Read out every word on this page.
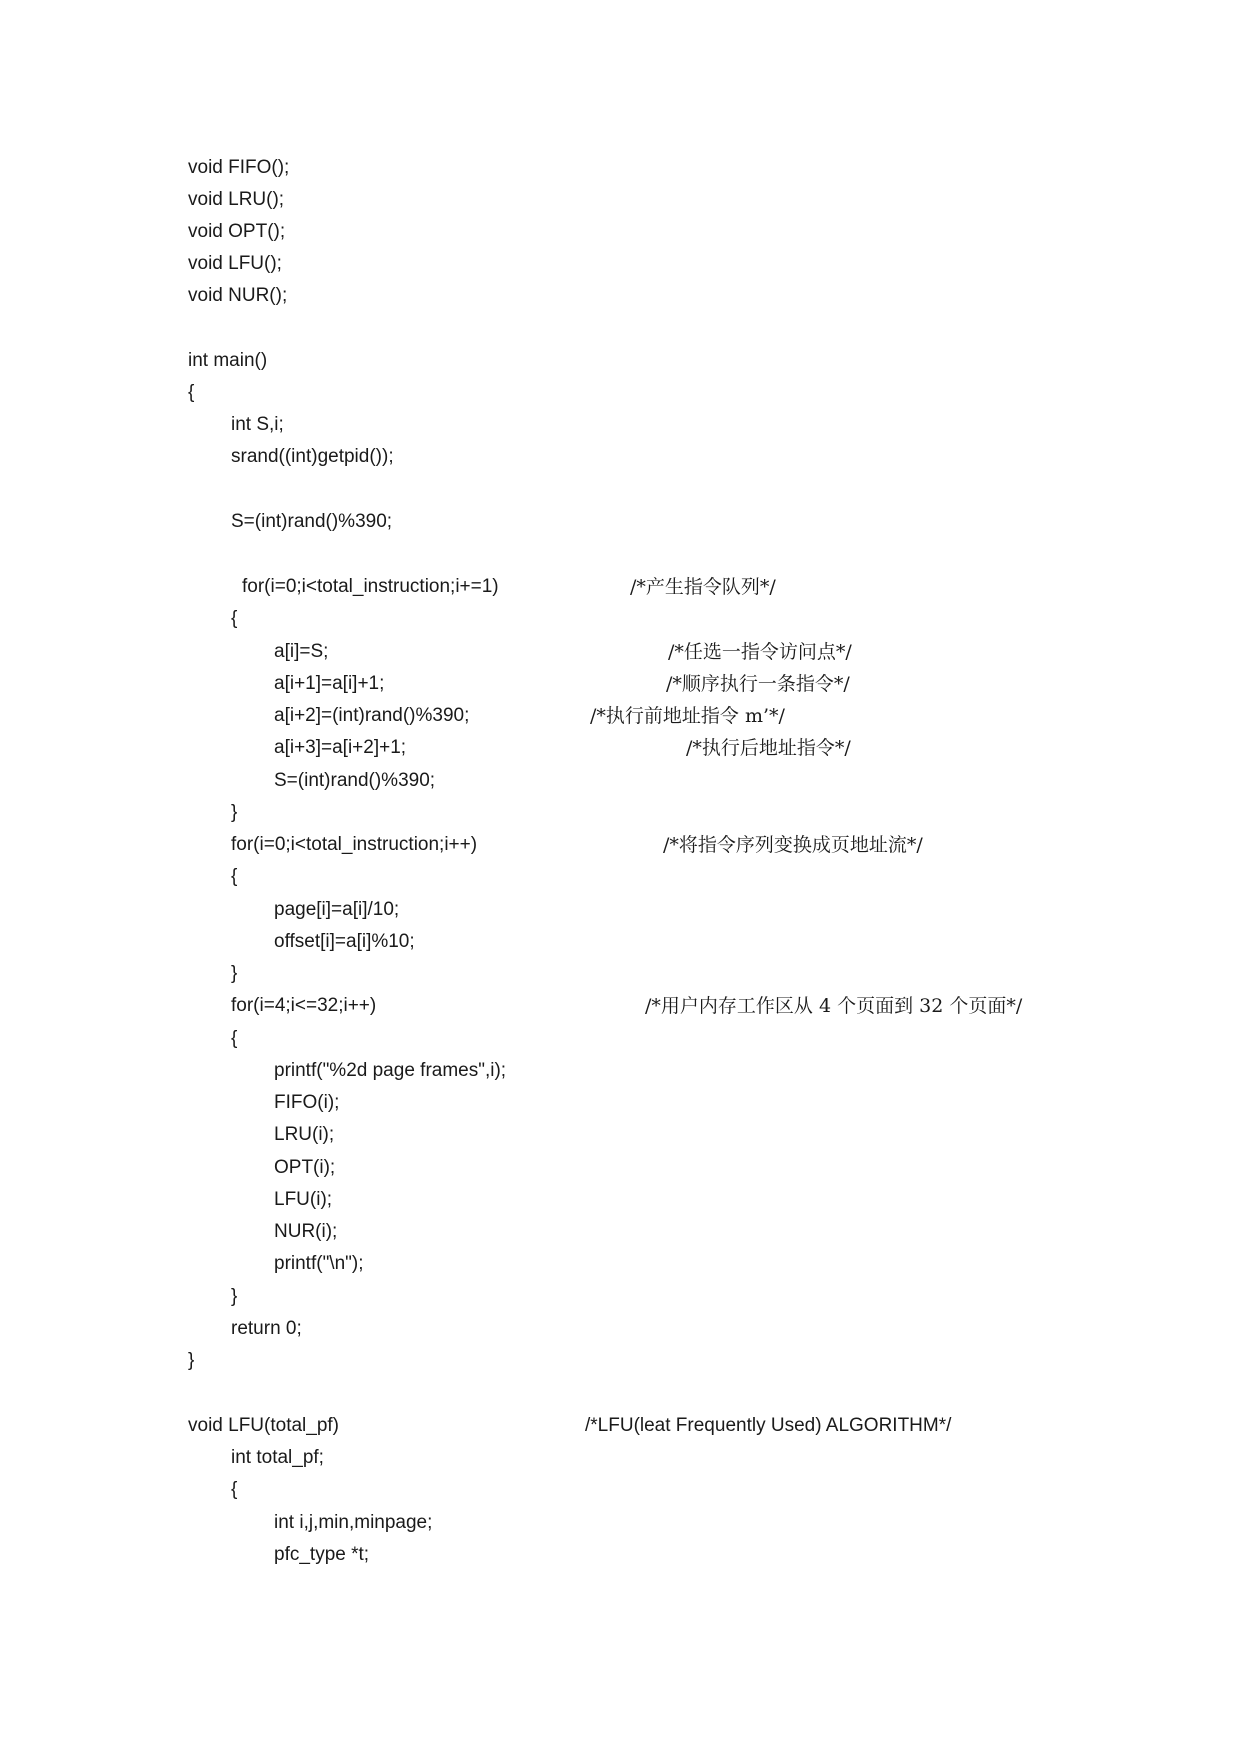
void FIFO();
void LRU();
void OPT();
void LFU();
void NUR();
int main()
{
int S,i;
srand((int)getpid());
S=(int)rand()%390;
for(i=0;i<total_instruction;i+=1)	/*产生指令队列*/
{
a[i]=S;	/*任选一指令访问点*/
a[i+1]=a[i]+1;	/*顺序执行一条指令*/
a[i+2]=(int)rand()%390;	/*执行前地址指令 m’*/
a[i+3]=a[i+2]+1;	/*执行后地址指令*/
S=(int)rand()%390;
}
for(i=0;i<total_instruction;i++)	/*将指令序列变换成页地址流*/
{
page[i]=a[i]/10;
offset[i]=a[i]%10;
}
for(i=4;i<=32;i++)	/*用户内存工作区从 4 个页面到 32 个页面*/
{
printf("%2d page frames",i);
FIFO(i);
LRU(i);
OPT(i);
LFU(i);
NUR(i);
printf("\n");
}
return 0;
}
void LFU(total_pf)	/*LFU(leat Frequently Used) ALGORITHM*/
int total_pf;
{
int i,j,min,minpage;
pfc_type *t;
